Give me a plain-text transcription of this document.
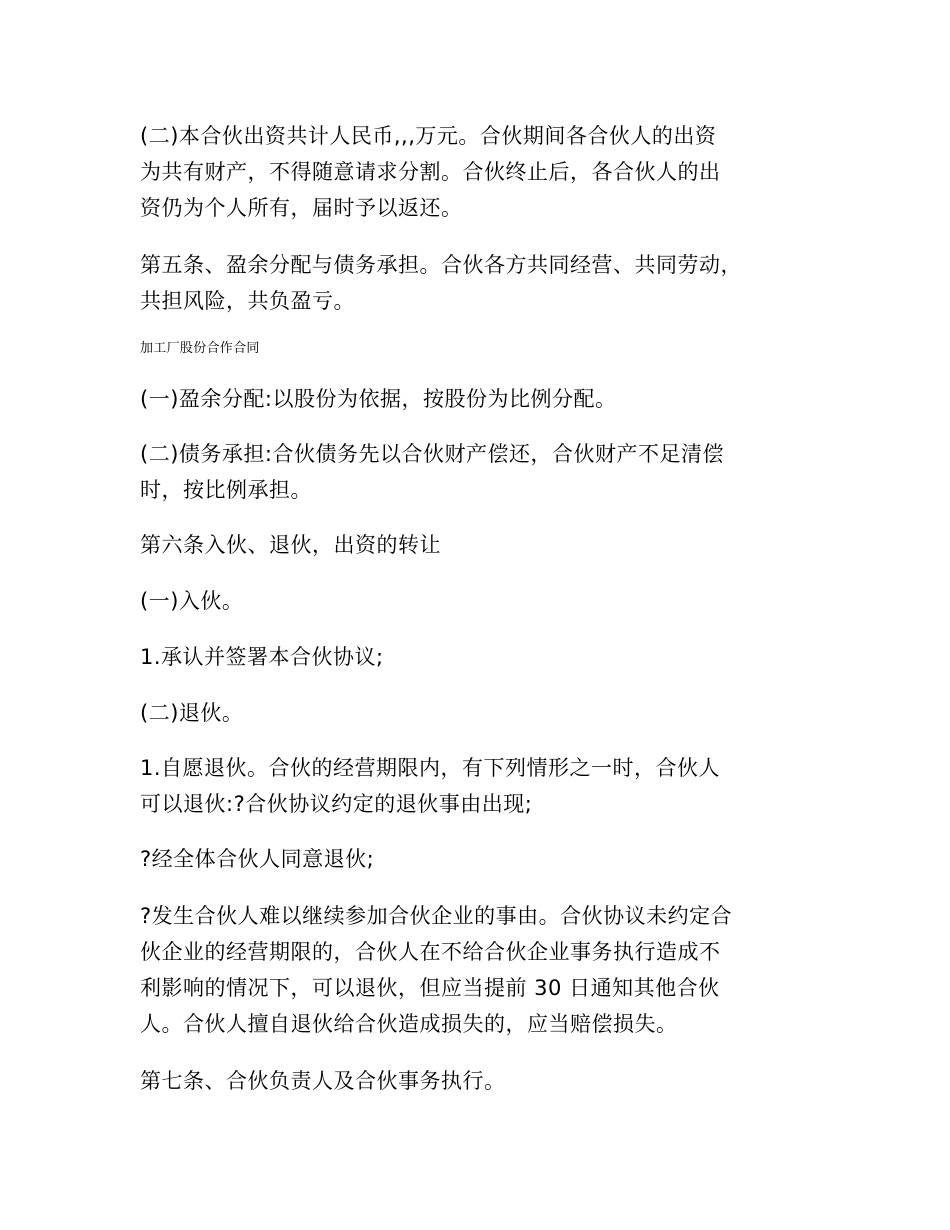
(二)本合伙出资共计人民币,,,万元。合伙期间各合伙人的出资
为共有财产，不得随意请求分割。合伙终止后，各合伙人的出
资仍为个人所有，届时予以返还。
第五条、盈余分配与债务承担。合伙各方共同经营、共同劳动，
共担风险，共负盈亏。

加工厂股份合作合同

(一)盈余分配:以股份为依据，按股份为比例分配。
(二)债务承担:合伙债务先以合伙财产偿还，合伙财产不足清偿
时，按比例承担。
第六条入伙、退伙，出资的转让
(一)入伙。
1.承认并签署本合伙协议;
(二)退伙。
1.自愿退伙。合伙的经营期限内，有下列情形之一时，合伙人
可以退伙:?合伙协议约定的退伙事由出现;
?经全体合伙人同意退伙;
?发生合伙人难以继续参加合伙企业的事由。合伙协议未约定合
伙企业的经营期限的，合伙人在不给合伙企业事务执行造成不
利影响的情况下，可以退伙，但应当提前 30 日通知其他合伙
人。合伙人擅自退伙给合伙造成损失的，应当赔偿损失。
第七条、合伙负责人及合伙事务执行。
